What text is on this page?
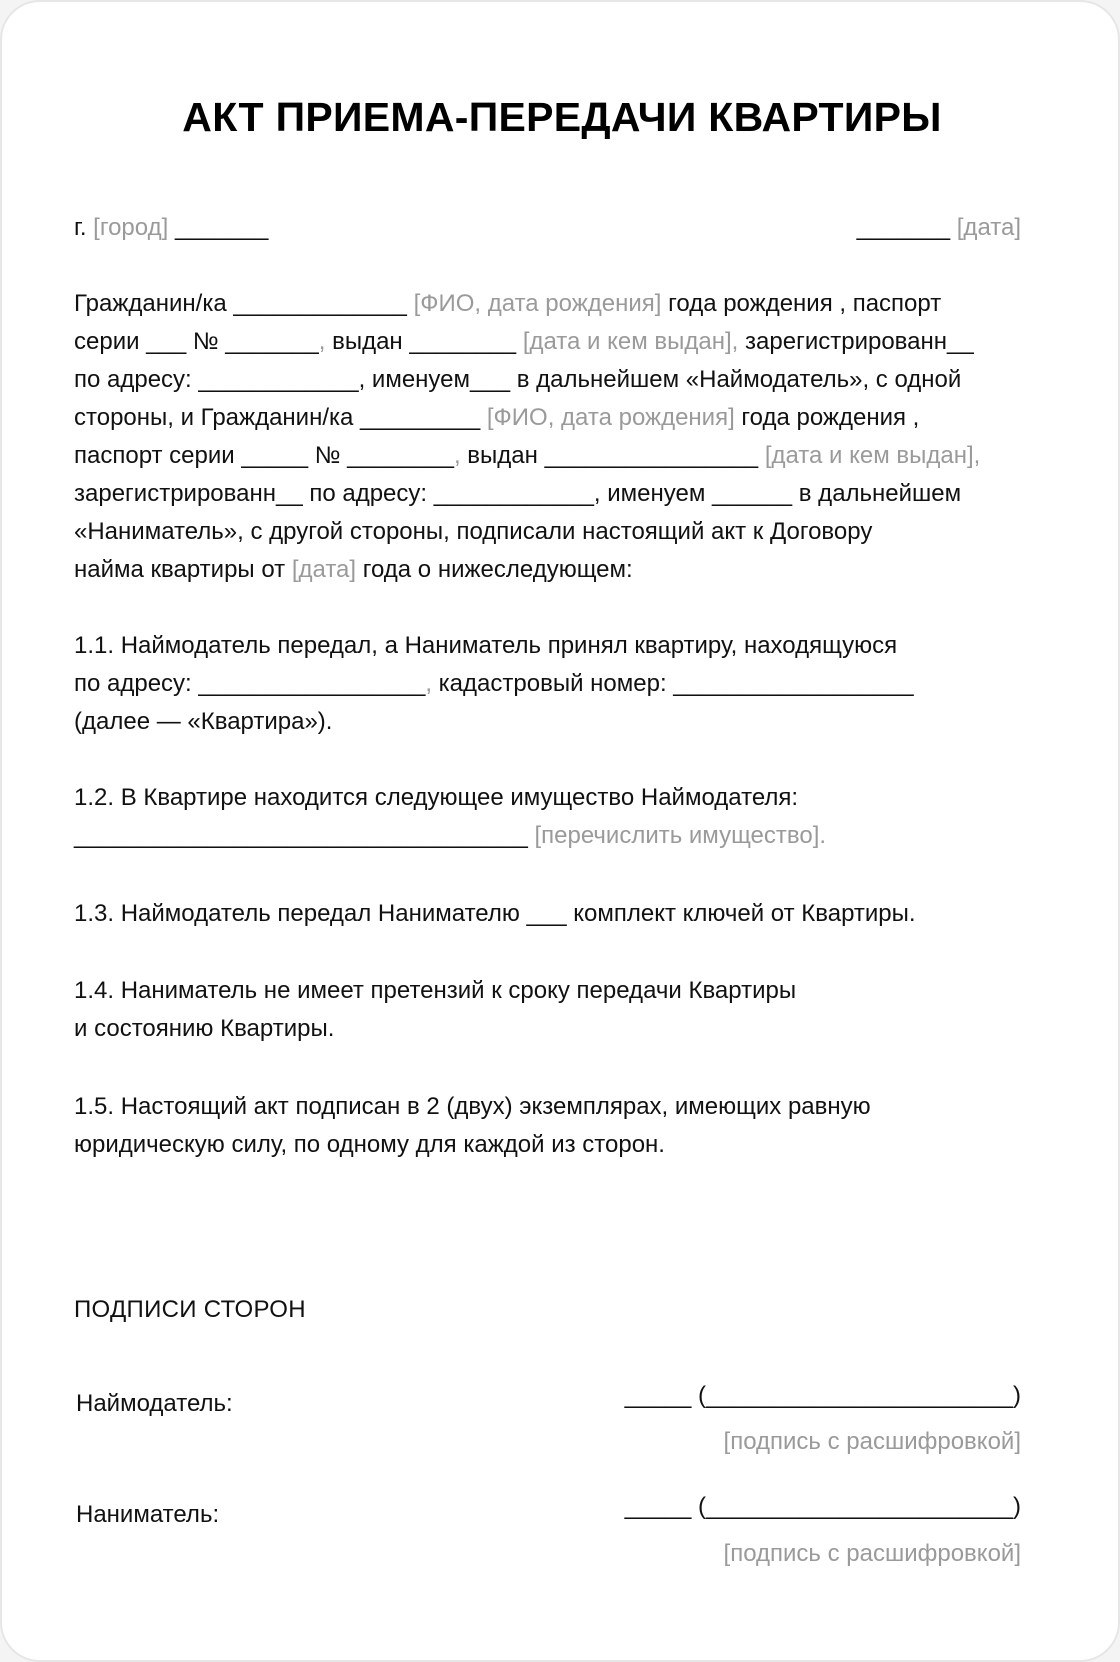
АКТ ПРИЕМА-ПЕРЕДАЧИ КВАРТИРЫ
г. [город] _______	_______ [дата]
Гражданин/ка _____________ [ФИО, дата рождения] года рождения , паспорт
серии ___ № _______, выдан ________ [дата и кем выдан], зарегистрированн__
по адресу: ____________, именуем___ в дальнейшем «Наймодатель», с одной
стороны, и Гражданин/ка _________ [ФИО, дата рождения] года рождения ,
паспорт серии _____ № ________, выдан ________________ [дата и кем выдан],
зарегистрированн__ по адресу: ____________, именуем ______ в дальнейшем
«Наниматель», с другой стороны, подписали настоящий акт к Договору
найма квартиры от [дата] года о нижеследующем:
1.1. Наймодатель передал, а Наниматель принял квартиру, находящуюся
по адресу: _________________, кадастровый номер: __________________
(далее — «Квартира»).
1.2. В Квартире находится следующее имущество Наймодателя:
__________________________________ [перечислить имущество].
1.3. Наймодатель передал Нанимателю ___ комплект ключей от Квартиры.
1.4. Наниматель не имеет претензий к сроку передачи Квартиры
и состоянию Квартиры.
1.5. Настоящий акт подписан в 2 (двух) экземплярах, имеющих равную
юридическую силу, по одному для каждой из сторон.
ПОДПИСИ СТОРОН
Наймодатель:	_____ (_______________________)
[подпись с расшифровкой]
Наниматель:	_____ (_______________________)
[подпись с расшифровкой]
